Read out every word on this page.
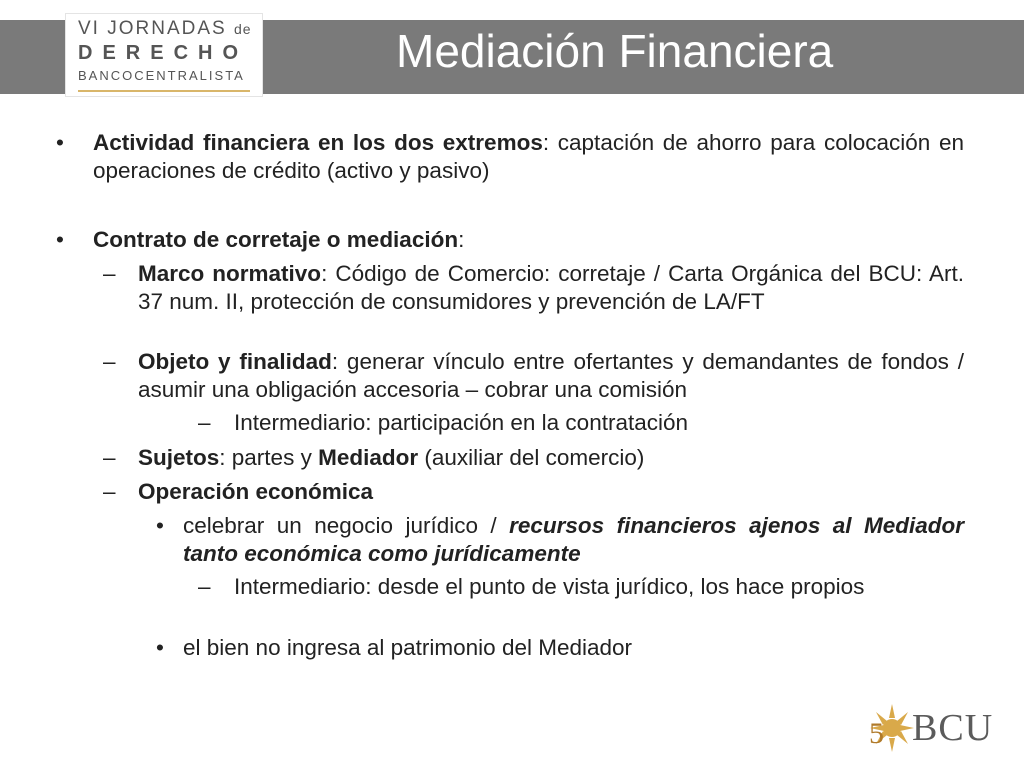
VI JORNADAS de
DERECHO
BANCOCENTRALISTA	Mediación Financiera
• Actividad financiera en los dos extremos: captación de ahorro para colocación en operaciones de crédito (activo y pasivo)
• Contrato de corretaje o mediación:
– Marco normativo: Código de Comercio: corretaje / Carta Orgánica del BCU: Art. 37 num. II, protección de consumidores y prevención de LA/FT
– Objeto y finalidad: generar vínculo entre ofertantes y demandantes de fondos / asumir una obligación accesoria – cobrar una comisión
– Intermediario: participación en la contratación
– Sujetos: partes y Mediador (auxiliar del comercio)
– Operación económica
• celebrar un negocio jurídico / recursos financieros ajenos al Mediador tanto económica como jurídicamente
– Intermediario: desde el punto de vista jurídico, los hace propios
• el bien no ingresa al patrimonio del Mediador
5 BCU
